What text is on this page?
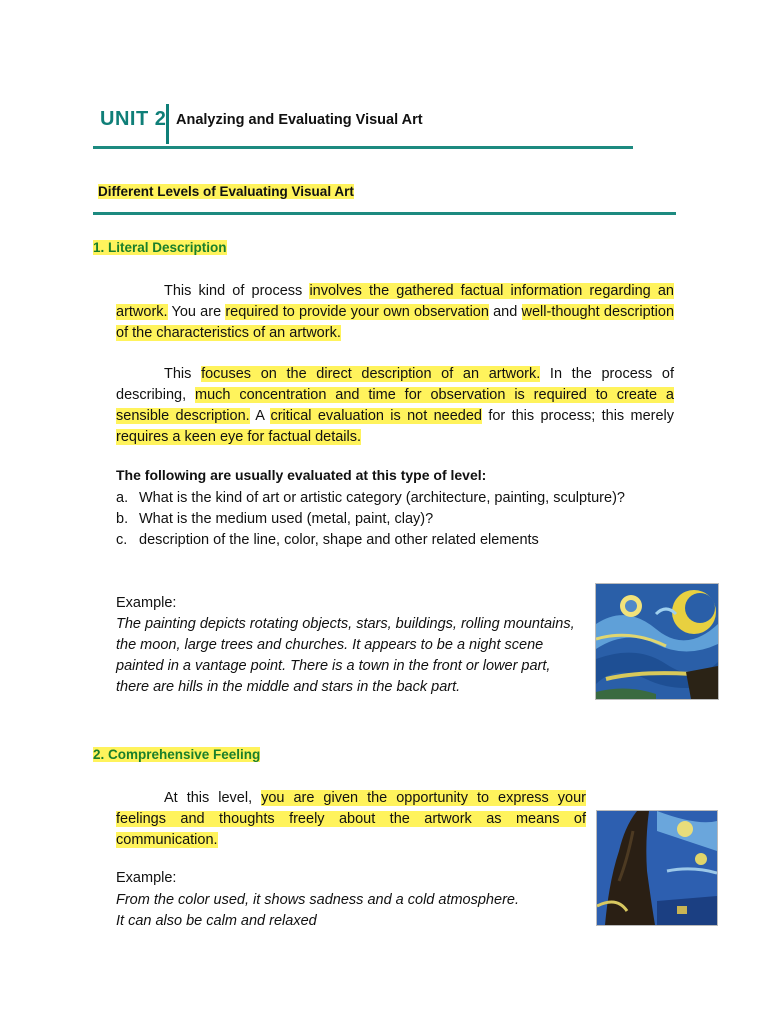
UNIT 2 Analyzing and Evaluating Visual Art
Different Levels of Evaluating Visual Art
1. Literal Description
This kind of process involves the gathered factual information regarding an artwork. You are required to provide your own observation and well-thought description of the characteristics of an artwork.
This focuses on the direct description of an artwork. In the process of describing, much concentration and time for observation is required to create a sensible description. A critical evaluation is not needed for this process; this merely requires a keen eye for factual details.
The following are usually evaluated at this type of level:
a. What is the kind of art or artistic category (architecture, painting, sculpture)?
b. What is the medium used (metal, paint, clay)?
c. description of the line, color, shape and other related elements
Example:
The painting depicts rotating objects, stars, buildings, rolling mountains, the moon, large trees and churches. It appears to be a night scene painted in a vantage point. There is a town in the front or lower part, there are hills in the middle and stars in the back part.
2. Comprehensive Feeling
At this level, you are given the opportunity to express your feelings and thoughts freely about the artwork as means of communication.
Example:
From the color used, it shows sadness and a cold atmosphere.
It can also be calm and relaxed
